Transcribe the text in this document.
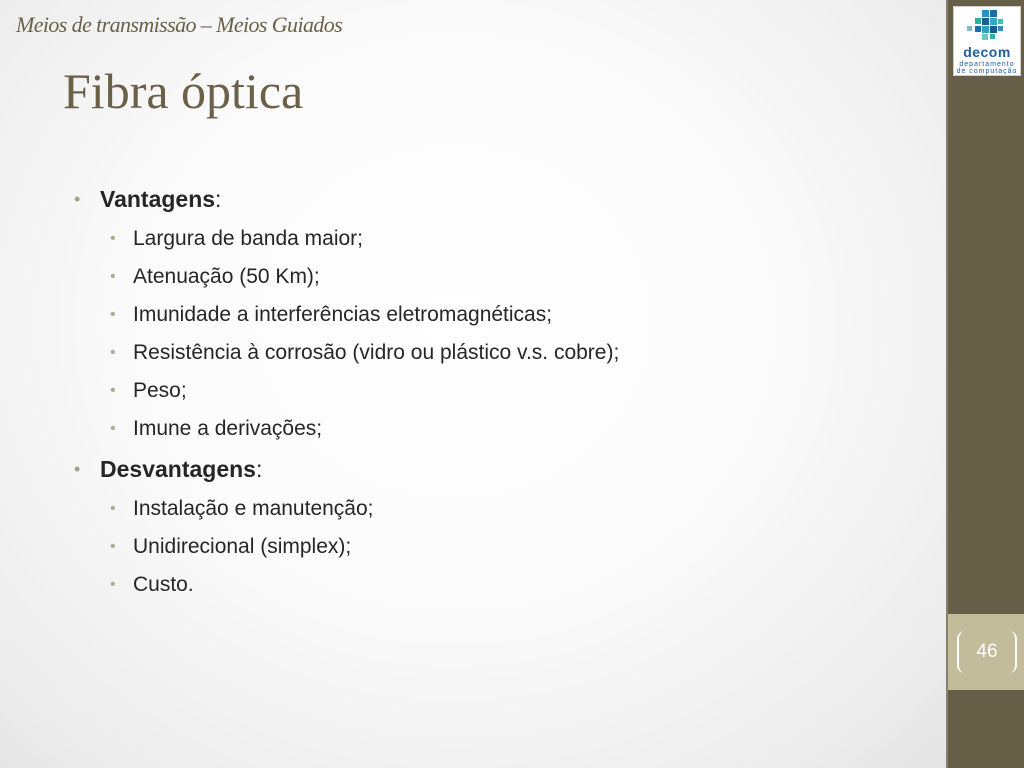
Meios de transmissão – Meios Guiados
Fibra óptica
• Vantagens:
• Largura de banda maior;
• Atenuação (50 Km);
• Imunidade a interferências eletromagnéticas;
• Resistência à corrosão (vidro ou plástico v.s. cobre);
• Peso;
• Imune a derivações;
• Desvantagens:
• Instalação e manutenção;
• Unidirecional (simplex);
• Custo.
decom
departamento
de computação
46
